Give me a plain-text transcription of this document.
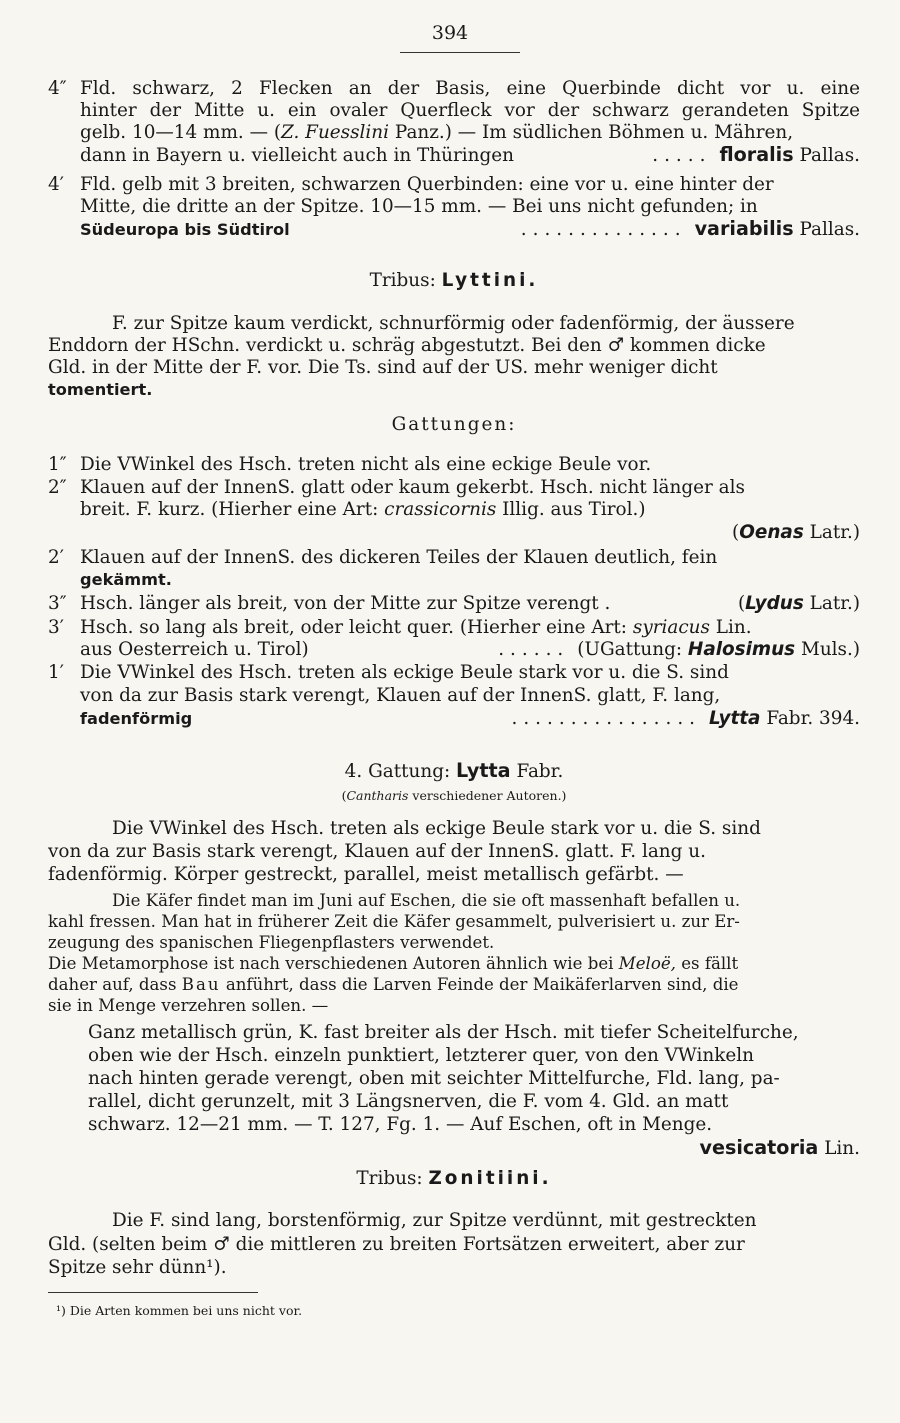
394
4″ Fld. schwarz, 2 Flecken an der Basis, eine Querbinde dicht vor u. eine
hinter der Mitte u. ein ovaler Querfleck vor der schwarz gerandeten Spitze
gelb. 10—14 mm. — ( Z. Fuesslini
Panz.) — Im südlichen Böhmen u. Mähren,
dann in Bayern u. vielleicht auch in Thüringen	..... floralis
Pallas.
4′ Fld. gelb mit 3 breiten, schwarzen Querbinden: eine vor u. eine hinter der
Mitte, die dritte an der Spitze. 10—15 mm. — Bei uns nicht gefunden; in
Südeuropa bis Südtirol	.............. variabilis
Pallas.
Tribus:
Lyttini.
F. zur Spitze kaum verdickt, schnurförmig oder fadenförmig, der äussere
Enddorn der HSchn. verdickt u. schräg abgestutzt. Bei den
♂
kommen dicke
Gld. in der Mitte der F. vor. Die Ts. sind auf der US. mehr weniger dicht
tomentiert.
Gattungen:
1″ Die VWinkel des Hsch. treten nicht als eine eckige Beule vor.
2″ Klauen auf der InnenS. glatt oder kaum gekerbt. Hsch. nicht länger als
breit. F. kurz. (Hierher eine Art:
crassicornis
Illig. aus Tirol.)
( Oenas
Latr.)
2′ Klauen auf der InnenS. des dickeren Teiles der Klauen deutlich, fein
gekämmt.
3″ Hsch. länger als breit, von der Mitte zur Spitze verengt .	( Lydus
Latr.)
3′ Hsch. so lang als breit, oder leicht quer. (Hierher eine Art:
syriacus
Lin.
aus Oesterreich u. Tirol)	...... (UGattung:
Halosimus
Muls.)
1′ Die VWinkel des Hsch. treten als eckige Beule stark vor u. die S. sind
von da zur Basis stark verengt, Klauen auf der InnenS. glatt, F. lang,
fadenförmig	................ Lytta
Fabr. 394.
4. Gattung:
Lytta
Fabr.
( Cantharis
verschiedener Autoren.)
Die VWinkel des Hsch. treten als eckige Beule stark vor u. die S. sind
von da zur Basis stark verengt, Klauen auf der InnenS. glatt. F. lang u.
fadenförmig. Körper gestreckt, parallel, meist metallisch gefärbt. —
Die Käfer findet man im Juni auf Eschen, die sie oft massenhaft befallen u.
kahl fressen. Man hat in früherer Zeit die Käfer gesammelt, pulverisiert u. zur Er-
zeugung des spanischen Fliegenpflasters verwendet.
Die Metamorphose ist nach verschiedenen Autoren ähnlich wie bei
Meloë,
es fällt
daher auf, dass
Bau
anführt, dass die Larven Feinde der Maikäferlarven sind, die
sie in Menge verzehren sollen. —
Ganz metallisch grün, K. fast breiter als der Hsch. mit tiefer Scheitelfurche,
oben wie der Hsch. einzeln punktiert, letzterer quer, von den VWinkeln
nach hinten gerade verengt, oben mit seichter Mittelfurche, Fld. lang, pa-
rallel, dicht gerunzelt, mit 3 Längsnerven, die F. vom 4. Gld. an matt
schwarz. 12—21 mm. — T. 127, Fg. 1. — Auf Eschen, oft in Menge.
vesicatoria
Lin.
Tribus:
Zonitiini.
Die F. sind lang, borstenförmig, zur Spitze verdünnt, mit gestreckten
Gld. (selten beim
♂
die mittleren zu breiten Fortsätzen erweitert, aber zur
Spitze sehr dünn¹).
¹) Die Arten kommen bei uns nicht vor.
